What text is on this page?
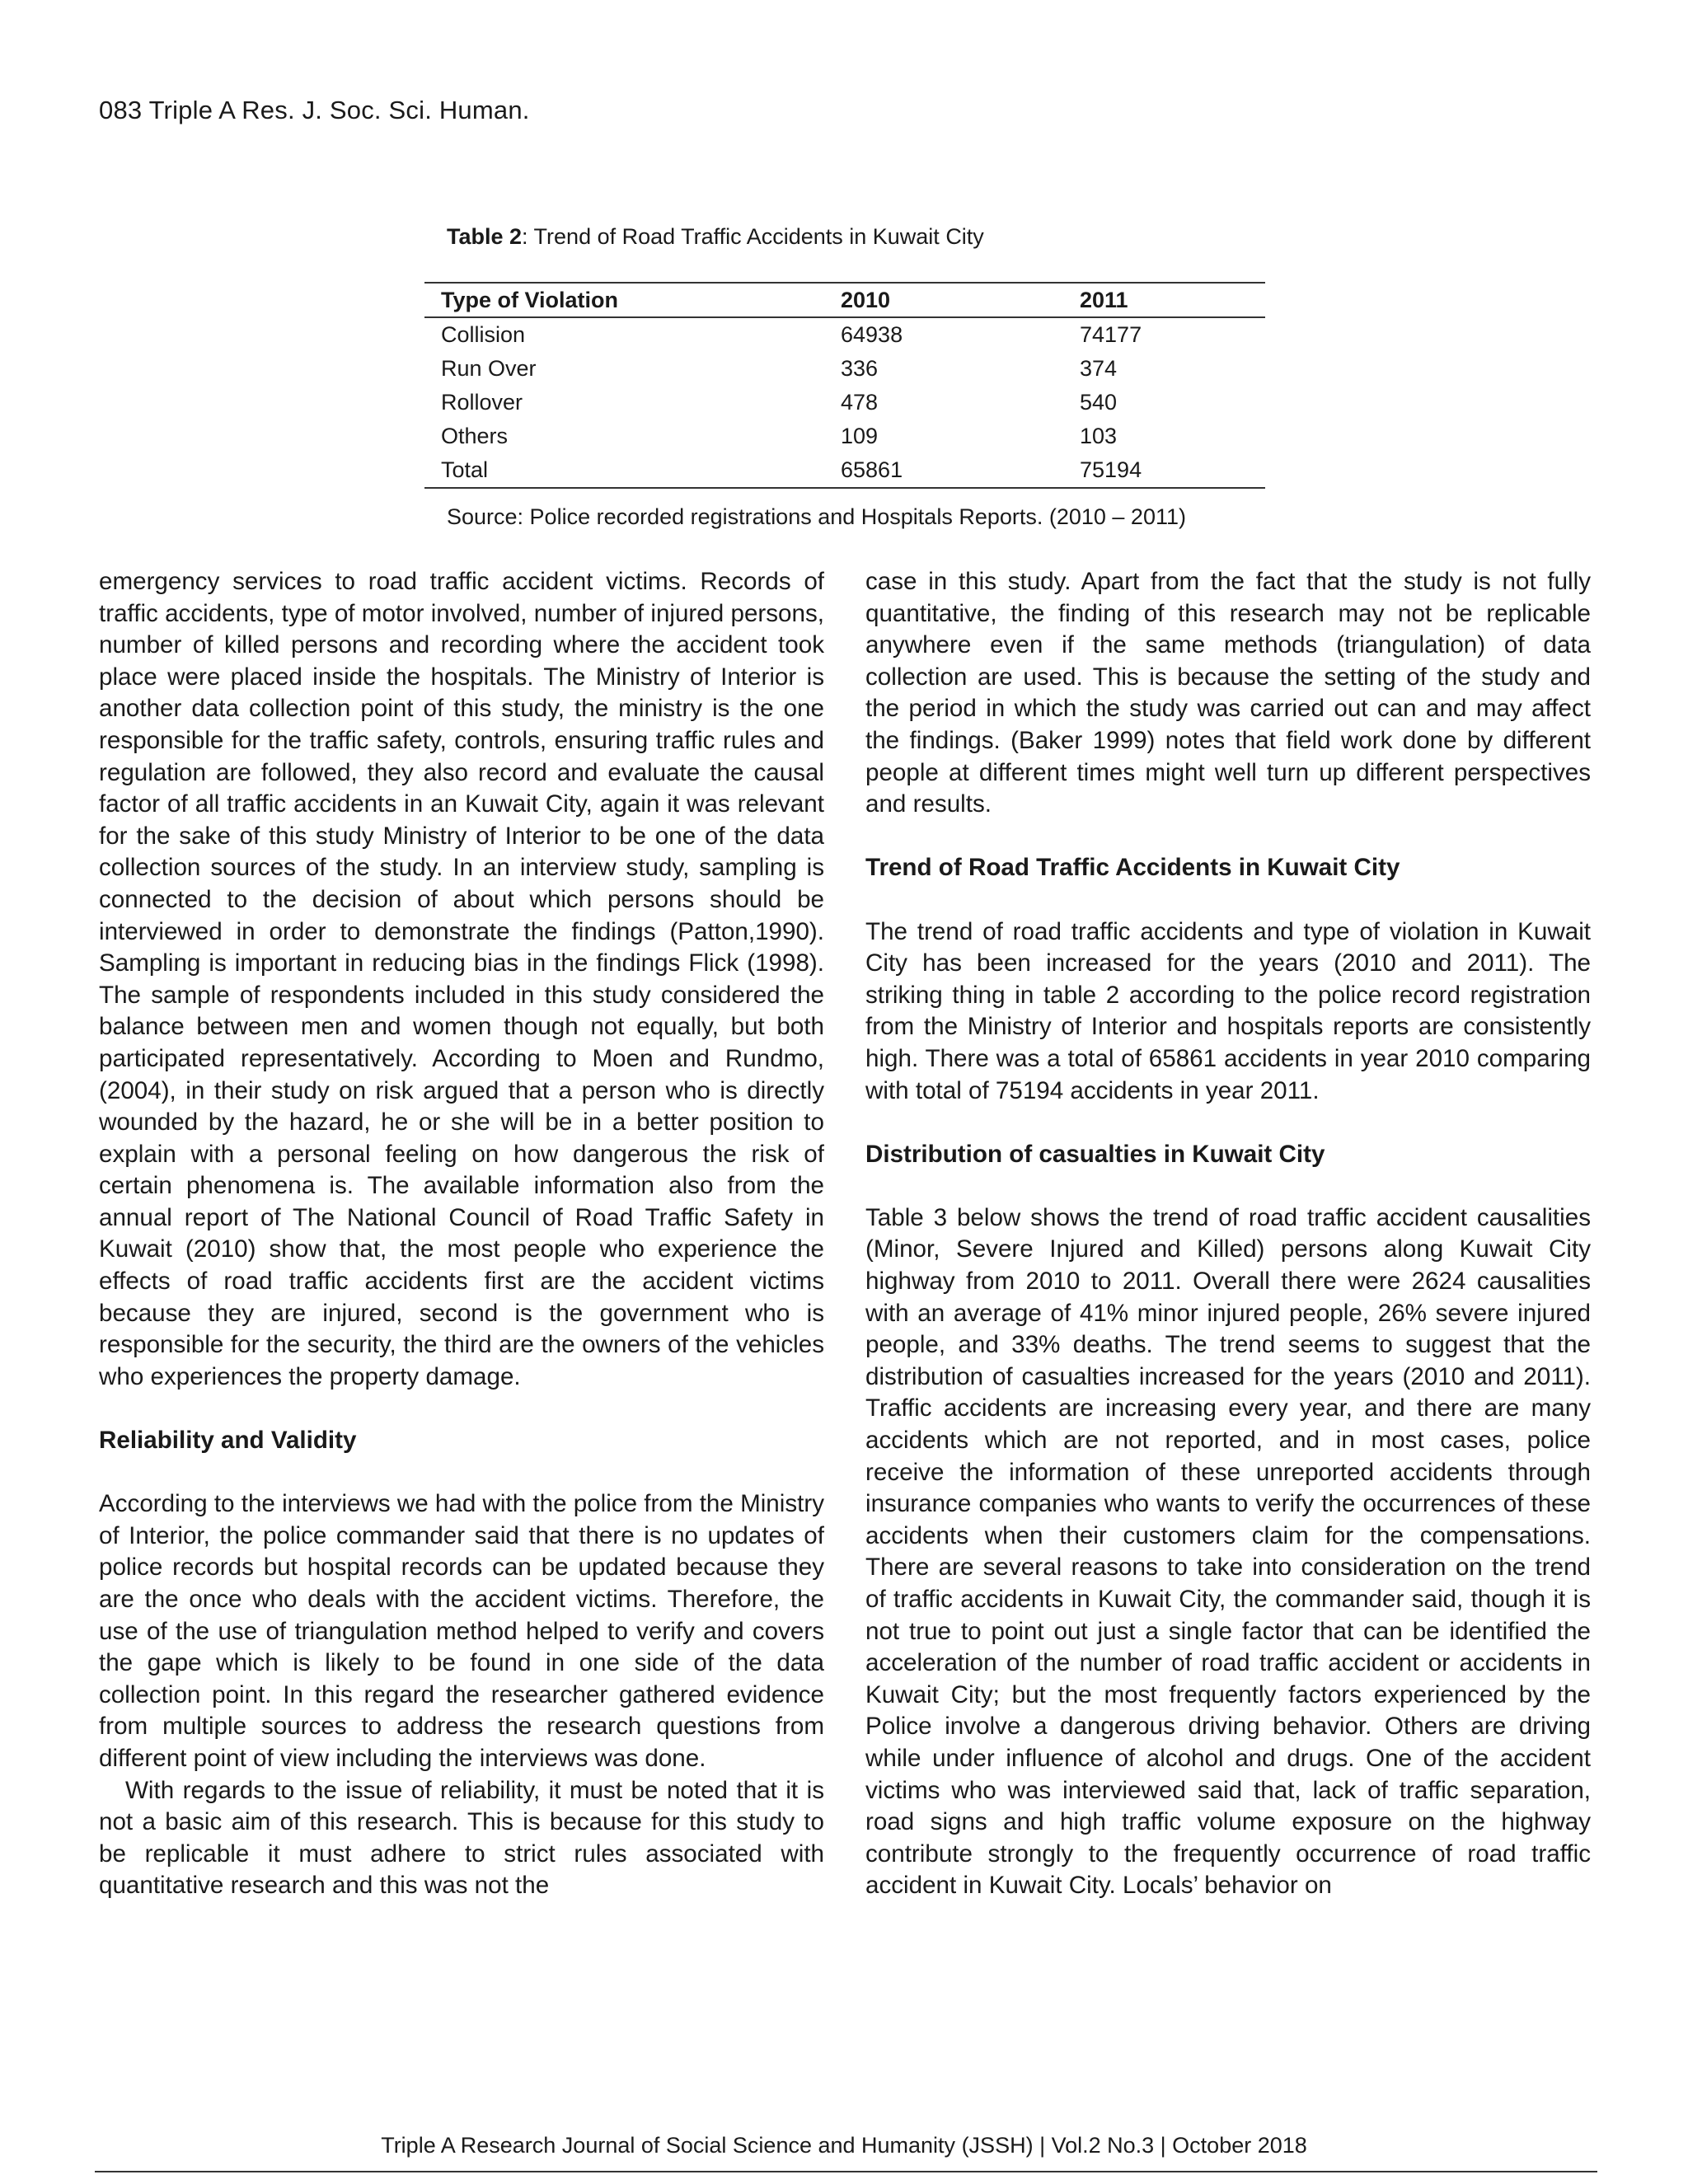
083 Triple A Res. J. Soc. Sci. Human.
Table 2: Trend of Road Traffic Accidents in Kuwait City
Type of Violation	2010	2011
Collision	64938	74177
Run Over	336	374
Rollover	478	540
Others	109	103
Total	65861	75194
Source: Police recorded registrations and Hospitals Reports. (2010 – 2011)

emergency services to road traffic accident victims. Records of traffic accidents, type of motor involved, number of injured persons, number of killed persons and recording where the accident took place were placed inside the hospitals. The Ministry of Interior is another data collection point of this study, the ministry is the one responsible for the traffic safety, controls, ensuring traffic rules and regulation are followed, they also record and evaluate the causal factor of all traffic accidents in an Kuwait City, again it was relevant for the sake of this study Ministry of Interior to be one of the data collection sources of the study. In an interview study, sampling is connected to the decision of about which persons should be interviewed in order to demonstrate the findings (Patton,1990). Sampling is important in reducing bias in the findings Flick (1998). The sample of respondents included in this study considered the balance between men and women though not equally, but both participated representatively. According to Moen and Rundmo, (2004), in their study on risk argued that a person who is directly wounded by the hazard, he or she will be in a better position to explain with a personal feeling on how dangerous the risk of certain phenomena is. The available information also from the annual report of The National Council of Road Traffic Safety in Kuwait (2010) show that, the most people who experience the effects of road traffic accidents first are the accident victims because they are injured, second is the government who is responsible for the security, the third are the owners of the vehicles who experiences the property damage.

Reliability and Validity

According to the interviews we had with the police from the Ministry of Interior, the police commander said that there is no updates of police records but hospital records can be updated because they are the once who deals with the accident victims. Therefore, the use of the use of triangulation method helped to verify and covers the gape which is likely to be found in one side of the data collection point. In this regard the researcher gathered evidence from multiple sources to address the research questions from different point of view including the interviews was done.

With regards to the issue of reliability, it must be noted that it is not a basic aim of this research. This is because for this study to be replicable it must adhere to strict rules associated with quantitative research and this was not the

case in this study. Apart from the fact that the study is not fully quantitative, the finding of this research may not be replicable anywhere even if the same methods (triangulation) of data collection are used. This is because the setting of the study and the period in which the study was carried out can and may affect the findings. (Baker 1999) notes that field work done by different people at different times might well turn up different perspectives and results.

Trend of Road Traffic Accidents in Kuwait City

The trend of road traffic accidents and type of violation in Kuwait City has been increased for the years (2010 and 2011). The striking thing in table 2 according to the police record registration from the Ministry of Interior and hospitals reports are consistently high. There was a total of 65861 accidents in year 2010 comparing with total of 75194 accidents in year 2011.

Distribution of casualties in Kuwait City

Table 3 below shows the trend of road traffic accident causalities (Minor, Severe Injured and Killed) persons along Kuwait City highway from 2010 to 2011. Overall there were 2624 causalities with an average of 41% minor injured people, 26% severe injured people, and 33% deaths. The trend seems to suggest that the distribution of casualties increased for the years (2010 and 2011). Traffic accidents are increasing every year, and there are many accidents which are not reported, and in most cases, police receive the information of these unreported accidents through insurance companies who wants to verify the occurrences of these accidents when their customers claim for the compensations. There are several reasons to take into consideration on the trend of traffic accidents in Kuwait City, the commander said, though it is not true to point out just a single factor that can be identified the acceleration of the number of road traffic accident or accidents in Kuwait City; but the most frequently factors experienced by the Police involve a dangerous driving behavior. Others are driving while under influence of alcohol and drugs. One of the accident victims who was interviewed said that, lack of traffic separation, road signs and high traffic volume exposure on the highway contribute strongly to the frequently occurrence of road traffic accident in Kuwait City. Locals’ behavior on

Triple A Research Journal of Social Science and Humanity (JSSH) | Vol.2 No.3 | October 2018
